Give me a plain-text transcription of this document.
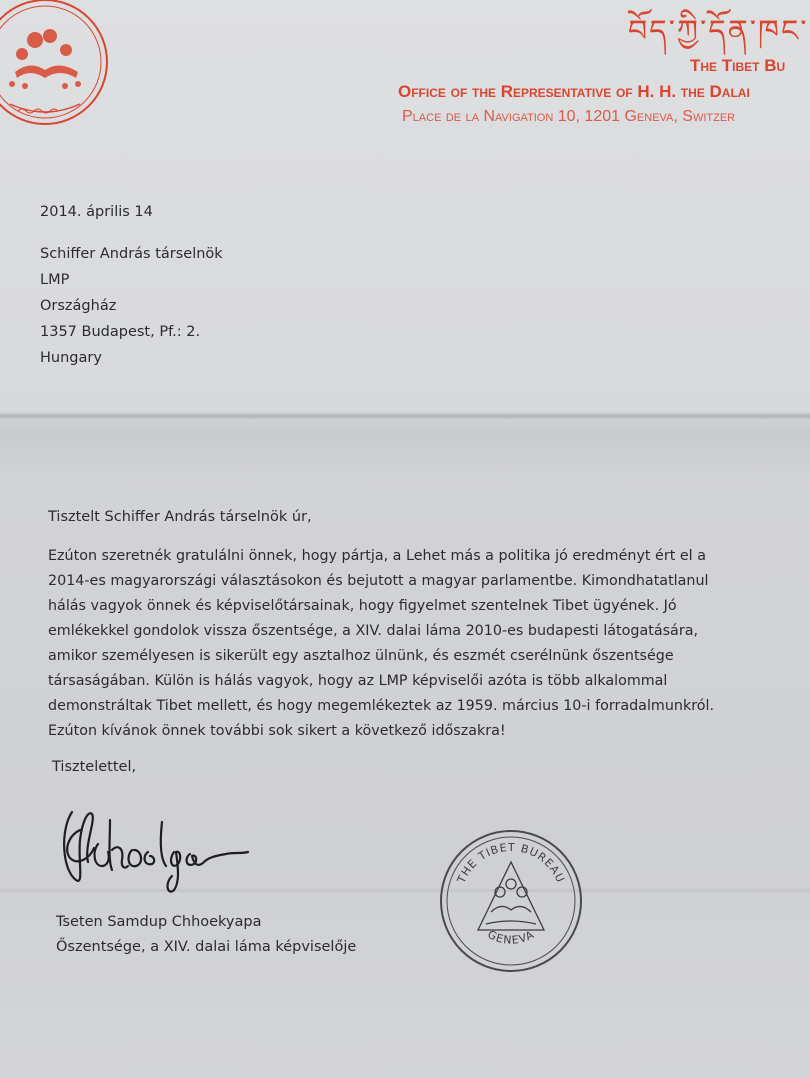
བོད་ཀྱི་དོན་ཁང་
The Tibet Bu
Office of the Representative of H. H. the Dalai
Place de la Navigation 10, 1201 Geneva, Switzer
2014. április 14
Schiffer András társelnök
LMP
Országház
1357 Budapest, Pf.: 2.
Hungary
Tisztelt Schiffer András társelnök úr,
Ezúton szeretnék gratulálni önnek, hogy pártja, a Lehet más a politika jó eredményt ért el a
2014-es magyarországi választásokon és bejutott a magyar parlamentbe. Kimondhatatlanul
hálás vagyok önnek és képviselőtársainak, hogy figyelmet szentelnek Tibet ügyének. Jó
emlékekkel gondolok vissza őszentsége, a XIV. dalai láma 2010-es budapesti látogatására,
amikor személyesen is sikerült egy asztalhoz ülnünk, és eszmét cserélnünk őszentsége
társaságában. Külön is hálás vagyok, hogy az LMP képviselői azóta is több alkalommal
demonstráltak Tibet mellett, és hogy megemlékeztek az 1959. március 10-i forradalmunkról.
Ezúton kívánok önnek további sok sikert a következő időszakra!
Tisztelettel,
Tseten Samdup Chhoekyapa
Őszentsége, a XIV. dalai láma képviselője
THE TIBET BUREAU
GENEVA
